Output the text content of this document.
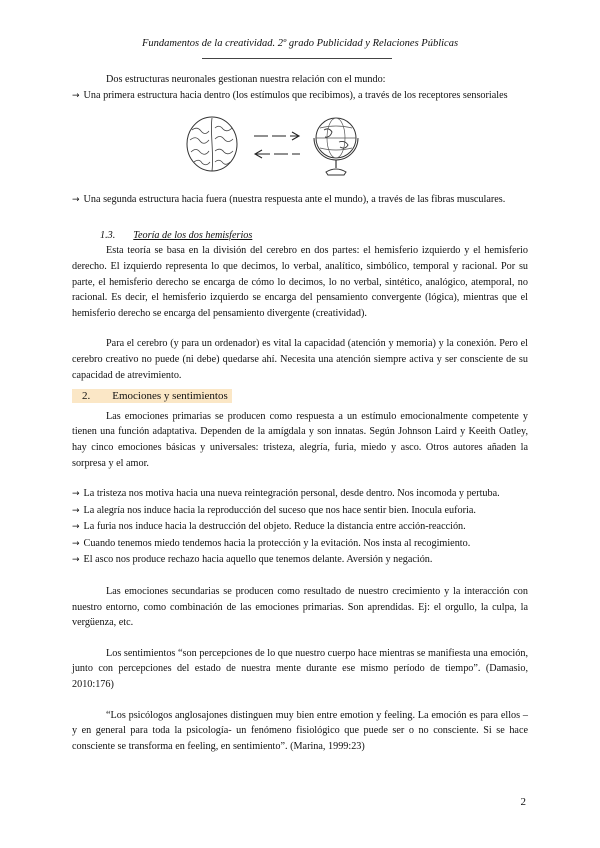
Fundamentos de la creatividad. 2º grado Publicidad y Relaciones Públicas

Dos estructuras neuronales gestionan nuestra relación con el mundo:

→ Una primera estructura hacia dentro (los estímulos que recibimos), a través de los receptores sensoriales

→ Una segunda estructura hacia fuera (nuestra respuesta ante el mundo), a través de las fibras musculares.

1.3. Teoría de los dos hemisferios

Esta teoría se basa en la división del cerebro en dos partes: el hemisferio izquierdo y el hemisferio derecho. El izquierdo representa lo que decimos, lo verbal, analítico, simbólico, temporal y racional. Por su parte, el hemisferio derecho se encarga de cómo lo decimos, lo no verbal, sintético, analógico, atemporal, no racional. Es decir, el hemisferio izquierdo se encarga del pensamiento convergente (lógica), mientras que el hemisferio derecho se encarga del pensamiento divergente (creatividad).

Para el cerebro (y para un ordenador) es vital la capacidad (atención y memoria) y la conexión. Pero el cerebro creativo no puede (ni debe) quedarse ahí. Necesita una atención siempre activa y ser consciente de su capacidad de atrevimiento.

2. Emociones y sentimientos

Las emociones primarias se producen como respuesta a un estímulo emocionalmente competente y tienen una función adaptativa. Dependen de la amígdala y son innatas. Según Johnson Laird y Keeith Oatley, hay cinco emociones básicas y universales: tristeza, alegría, furia, miedo y asco. Otros autores añaden la sorpresa y el amor.

→ La tristeza nos motiva hacia una nueva reintegración personal, desde dentro. Nos incomoda y pertuba.

→ La alegría nos induce hacia la reproducción del suceso que nos hace sentir bien. Inocula euforia.

→ La furia nos induce hacia la destrucción del objeto. Reduce la distancia entre acción-reacción.

→ Cuando tenemos miedo tendemos hacia la protección y la evitación. Nos insta al recogimiento.

→ El asco nos produce rechazo hacia aquello que tenemos delante. Aversión y negación.

Las emociones secundarias se producen como resultado de nuestro crecimiento y la interacción con nuestro entorno, como combinación de las emociones primarias. Son aprendidas. Ej: el orgullo, la culpa, la vergüenza, etc.

Los sentimientos “son percepciones de lo que nuestro cuerpo hace mientras se manifiesta una emoción, junto con percepciones del estado de nuestra mente durante ese mismo período de tiempo”. (Damasio, 2010:176)

“Los psicólogos anglosajones distinguen muy bien entre emotion y feeling. La emoción es para ellos –y en general para toda la psicología- un fenómeno fisiológico que puede ser o no consciente. Si se hace consciente se transforma en feeling, en sentimiento”. (Marina, 1999:23)

2
